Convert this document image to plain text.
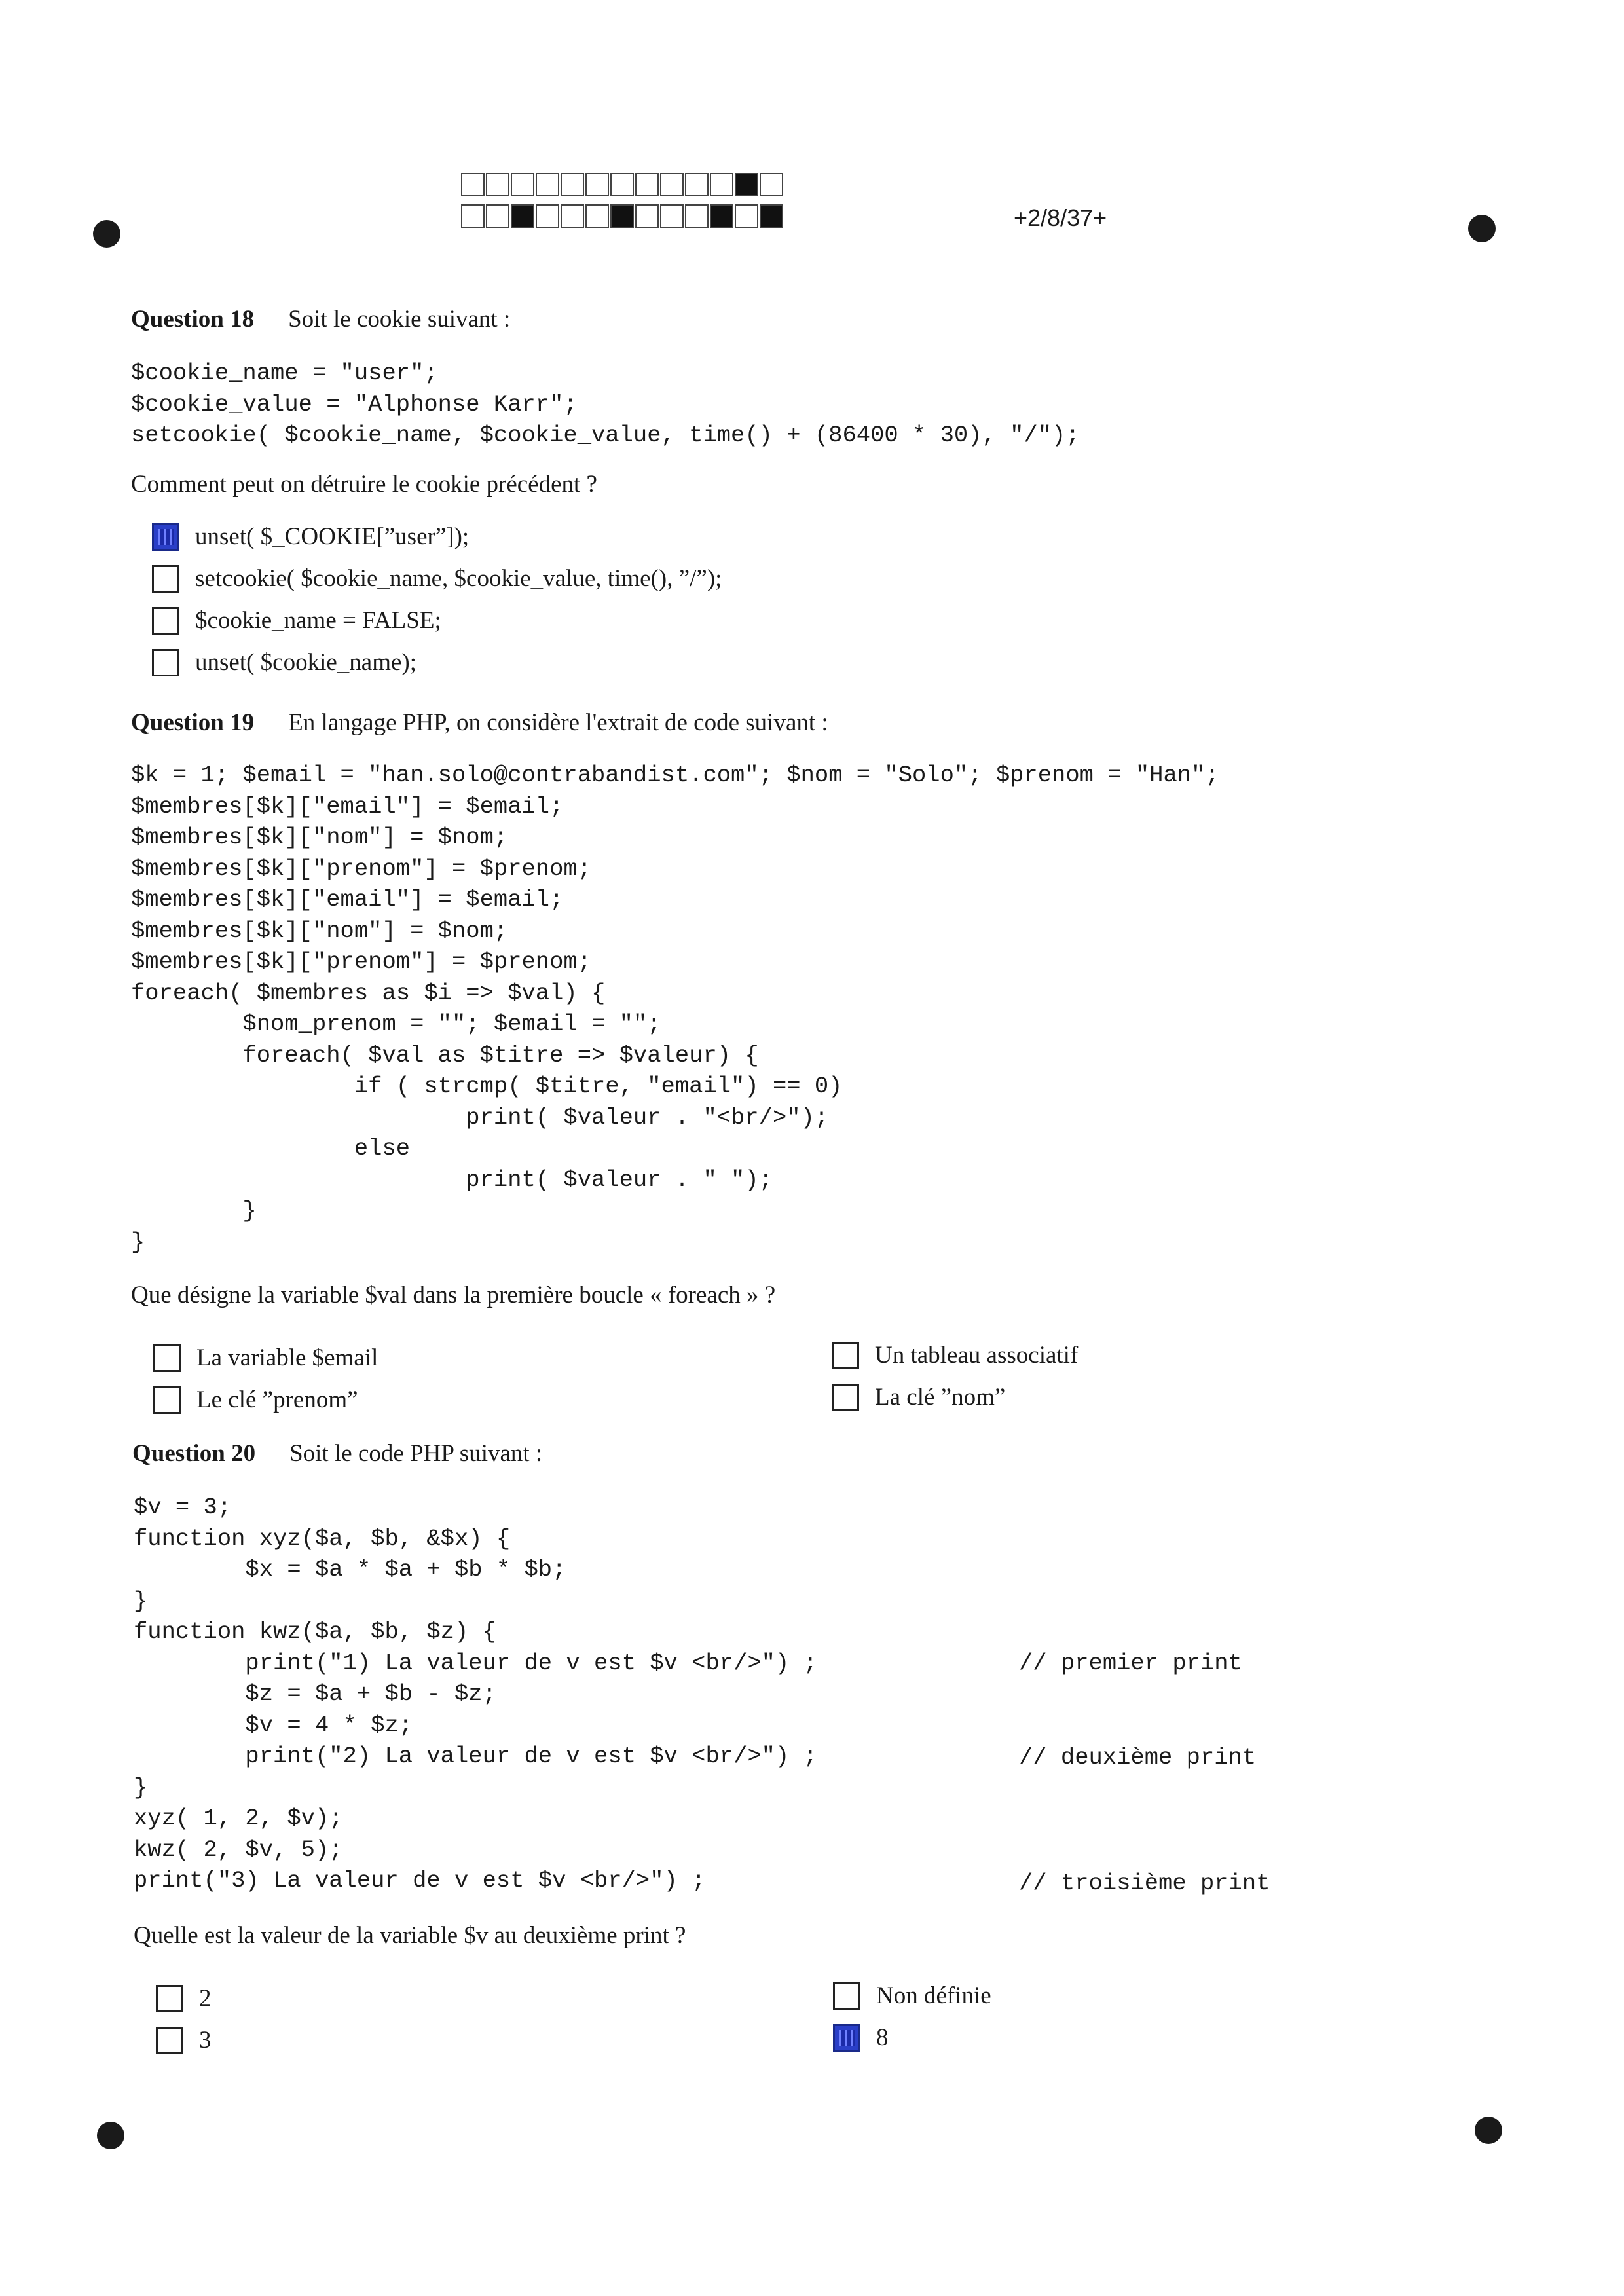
+2/8/37+
Question 18 Soit le cookie suivant :
$cookie_name = "user";
$cookie_value = "Alphonse Karr";
setcookie( $cookie_name, $cookie_value, time() + (86400 * 30), "/");
Comment peut on détruire le cookie précédent ?
unset( $_COOKIE[”user”]);
setcookie( $cookie_name, $cookie_value, time(), ”/”);
$cookie_name = FALSE;
unset( $cookie_name);
Question 19 En langage PHP, on considère l'extrait de code suivant :
$k = 1; $email = "han.solo@contrabandist.com"; $nom = "Solo"; $prenom = "Han";
$membres[$k]["email"] = $email;
$membres[$k]["nom"] = $nom;
$membres[$k]["prenom"] = $prenom;
$membres[$k]["email"] = $email;
$membres[$k]["nom"] = $nom;
$membres[$k]["prenom"] = $prenom;
foreach( $membres as $i => $val) {
$nom_prenom = ""; $email = "";
foreach( $val as $titre => $valeur) {
if ( strcmp( $titre, "email") == 0)
print( $valeur . "<br/>");
else
print( $valeur . " ");
}
}
Que désigne la variable $val dans la première boucle « foreach » ?
La variable $email
Le clé ”prenom”
Un tableau associatif
La clé ”nom”
Question 20 Soit le code PHP suivant :
$v = 3;
function xyz($a, $b, &$x) {
$x = $a * $a + $b * $b;
}
function kwz($a, $b, $z) {
print("1) La valeur de v est $v <br/>") ;
$z = $a + $b - $z;
$v = 4 * $z;
print("2) La valeur de v est $v <br/>") ;
}
xyz( 1, 2, $v);
kwz( 2, $v, 5);
print("3) La valeur de v est $v <br/>") ;
// premier print
// deuxième print
// troisième print
Quelle est la valeur de la variable $v au deuxième print ?
2
3
Non définie
8
